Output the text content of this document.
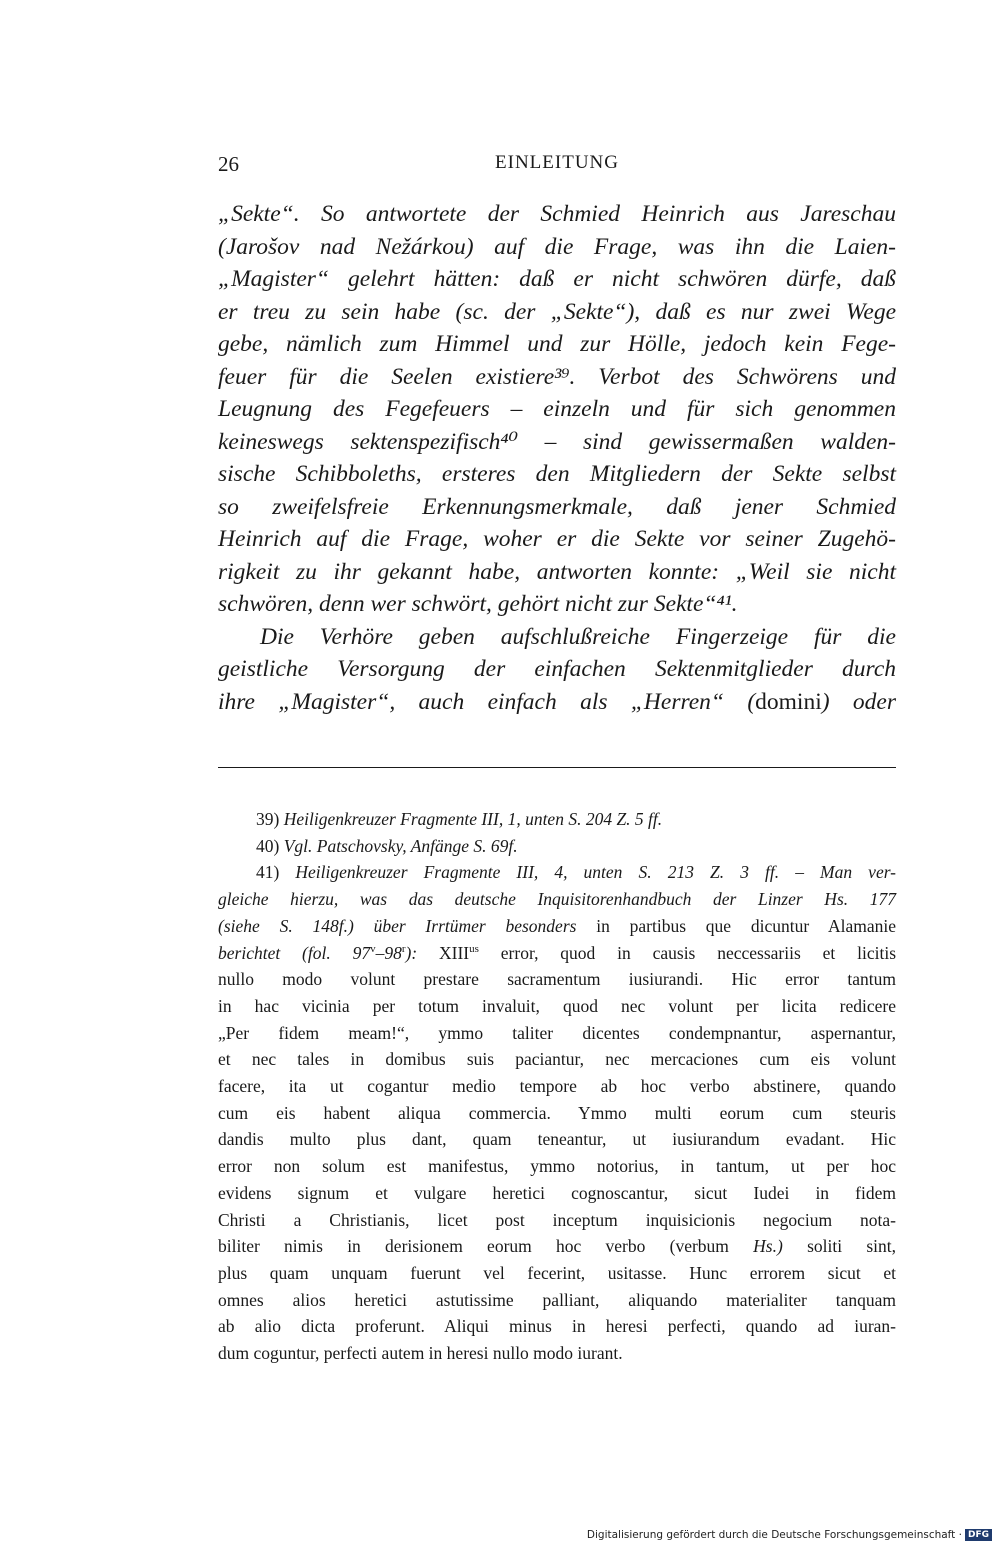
26	EINLEITUNG
„Sekte“. So antwortete der Schmied Heinrich aus Jareschau
(Jarošov nad Nežárkou) auf die Frage, was ihn die Laien-
„Magister“ gelehrt hätten: daß er nicht schwören dürfe, daß
er treu zu sein habe (sc. der „Sekte“), daß es nur zwei Wege
gebe, nämlich zum Himmel und zur Hölle, jedoch kein Fege-
feuer für die Seelen existiere³⁹. Verbot des Schwörens und
Leugnung des Fegefeuers – einzeln und für sich genommen
keineswegs sektenspezifisch⁴⁰ – sind gewissermaßen walden-
sische Schibboleths, ersteres den Mitgliedern der Sekte selbst
so zweifelsfreie Erkennungsmerkmale, daß jener Schmied
Heinrich auf die Frage, woher er die Sekte vor seiner Zugehö-
rigkeit zu ihr gekannt habe, antworten konnte: „Weil sie nicht
schwören, denn wer schwört, gehört nicht zur Sekte“⁴¹.
Die Verhöre geben aufschlußreiche Fingerzeige für die
geistliche Versorgung der einfachen Sektenmitglieder durch
ihre „Magister“, auch einfach als „Herren“ (domini) oder
39) Heiligenkreuzer Fragmente III, 1, unten S. 204 Z. 5 ff.
40) Vgl. Patschovsky, Anfänge S. 69f.
41) Heiligenkreuzer Fragmente III, 4, unten S. 213 Z. 3 ff. – Man ver-
gleiche hierzu, was das deutsche Inquisitorenhandbuch der Linzer Hs. 177
(siehe S. 148f.) über Irrtümer besonders in partibus que dicuntur Alamanie
berichtet (fol. 97$^v$–98$^r$): $XIII^{us}$ error, quod in causis neccessariis et licitis
nullo modo volunt prestare sacramentum iusiurandi. Hic error tantum
in hac vicinia per totum invaluit, quod nec volunt per licita redicere
„Per fidem meam!“, ymmo taliter dicentes condempnantur, aspernantur,
et nec tales in domibus suis paciantur, nec mercaciones cum eis volunt
facere, ita ut cogantur medio tempore ab hoc verbo abstinere, quando
cum eis habent aliqua commercia. Ymmo multi eorum cum steuris
dandis multo plus dant, quam teneantur, ut iusiurandum evadant. Hic
error non solum est manifestus, ymmo notorius, in tantum, ut per hoc
evidens signum et vulgare heretici cognoscantur, sicut Iudei in fidem
Christi a Christianis, licet post inceptum inquisicionis negocium nota-
biliter nimis in derisionem eorum hoc verbo (verbum Hs.) soliti sint,
plus quam unquam fuerunt vel fecerint, usitasse. Hunc errorem sicut et
omnes alios heretici astutissime palliant, aliquando materialiter tanquam
ab alio dicta proferunt. Aliqui minus in heresi perfecti, quando ad iuran-
dum coguntur, perfecti autem in heresi nullo modo iurant.
Digitalisierung gefördert durch die Deutsche Forschungsgemeinschaft · DFG
